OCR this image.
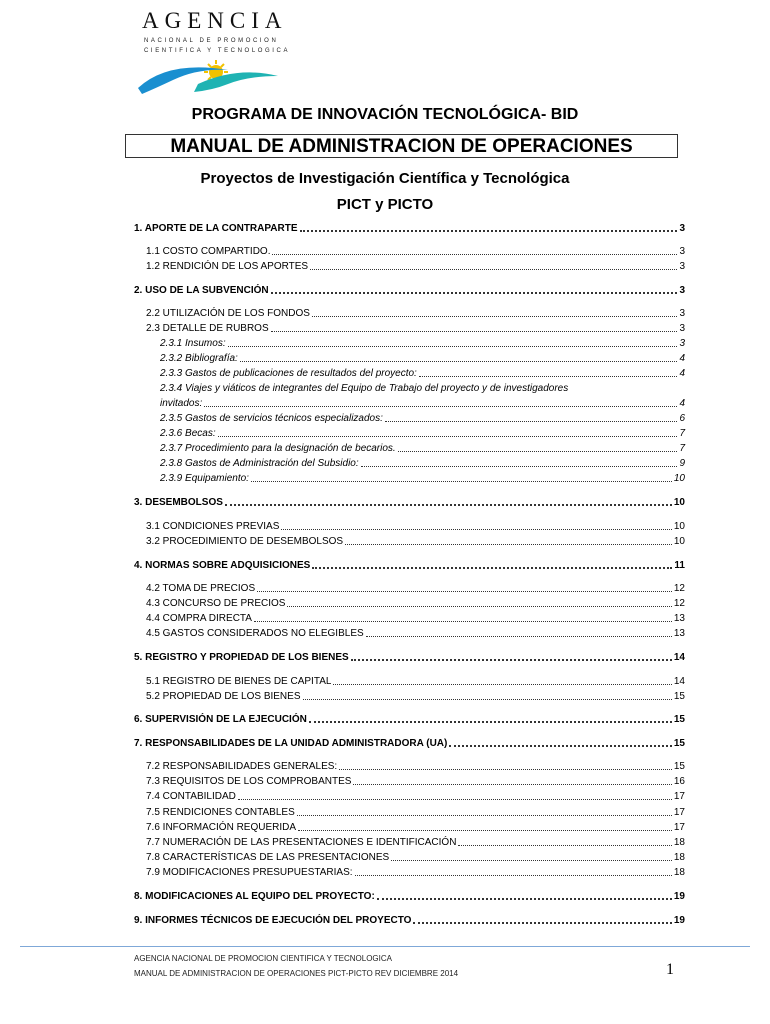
AGENCIA
NACIONAL DE PROMOCION
CIENTIFICA Y TECNOLOGICA
PROGRAMA DE INNOVACIÓN TECNOLÓGICA- BID
MANUAL DE ADMINISTRACION DE OPERACIONES
Proyectos de Investigación Científica y Tecnológica
PICT y PICTO
1. APORTE DE LA CONTRAPARTE	3
1.1 COSTO COMPARTIDO.	3
1.2 RENDICIÓN DE LOS APORTES	3
2. USO DE LA SUBVENCIÓN	3
2.2 UTILIZACIÓN DE LOS FONDOS	3
2.3 DETALLE DE RUBROS	3
2.3.1 Insumos:	3
2.3.2 Bibliografía:	4
2.3.3 Gastos de publicaciones de resultados del proyecto:	4
2.3.4 Viajes y viáticos de integrantes del Equipo de Trabajo del proyecto y de investigadores
invitados:	4
2.3.5 Gastos de servicios técnicos especializados:	6
2.3.6 Becas:	7
2.3.7 Procedimiento para la designación de becarios.	7
2.3.8 Gastos de Administración del Subsidio:	9
2.3.9 Equipamiento:	10
3. DESEMBOLSOS	10
3.1 CONDICIONES PREVIAS	10
3.2 PROCEDIMIENTO DE DESEMBOLSOS	10
4. NORMAS SOBRE ADQUISICIONES	11
4.2 TOMA DE PRECIOS	12
4.3 CONCURSO DE PRECIOS	12
4.4 COMPRA DIRECTA	13
4.5 GASTOS CONSIDERADOS NO ELEGIBLES	13
5. REGISTRO Y PROPIEDAD DE LOS BIENES	14
5.1 REGISTRO DE BIENES DE CAPITAL	14
5.2 PROPIEDAD DE LOS BIENES	15
6. SUPERVISIÓN DE LA EJECUCIÓN	15
7. RESPONSABILIDADES DE LA UNIDAD ADMINISTRADORA (UA)	15
7.2 RESPONSABILIDADES GENERALES:	15
7.3 REQUISITOS DE LOS COMPROBANTES	16
7.4 CONTABILIDAD	17
7.5 RENDICIONES CONTABLES	17
7.6 INFORMACIÓN REQUERIDA	17
7.7 NUMERACIÓN DE LAS PRESENTACIONES E IDENTIFICACIÓN	18
7.8 CARACTERÍSTICAS DE LAS PRESENTACIONES	18
7.9 MODIFICACIONES PRESUPUESTARIAS:	18
8. MODIFICACIONES AL EQUIPO DEL PROYECTO:	19
9. INFORMES TÉCNICOS DE EJECUCIÓN DEL PROYECTO	19
AGENCIA NACIONAL DE PROMOCION CIENTIFICA Y TECNOLOGICA
MANUAL DE ADMINISTRACION DE OPERACIONES PICT-PICTO REV DICIEMBRE 2014	1
